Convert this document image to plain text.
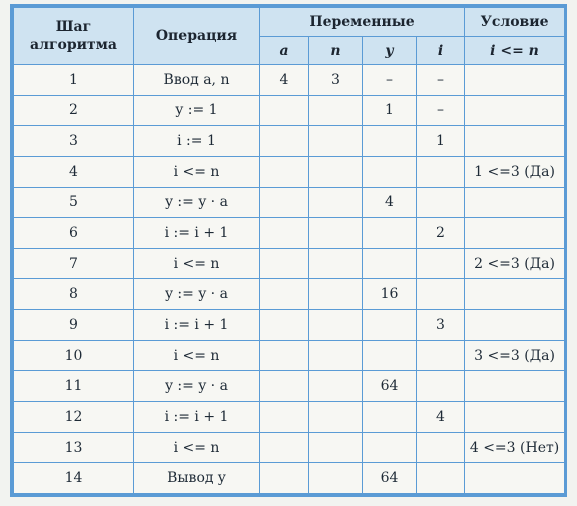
Шаг
алгоритма	Операция	Переменные				Условие
		a	n	y	i	i <= n
1	Ввод a, n	4	3	–	–	
2	y := 1			1	–	
3	i := 1				1	
4	i <= n					1 <=3 (Да)
5	y := y · a			4		
6	i := i + 1				2	
7	i <= n					2 <=3 (Да)
8	y := y · a			16		
9	i := i + 1				3	
10	i <= n					3 <=3 (Да)
11	y := y · a			64		
12	i := i + 1				4	
13	i <= n					4 <=3 (Нет)
14	Вывод y			64		
